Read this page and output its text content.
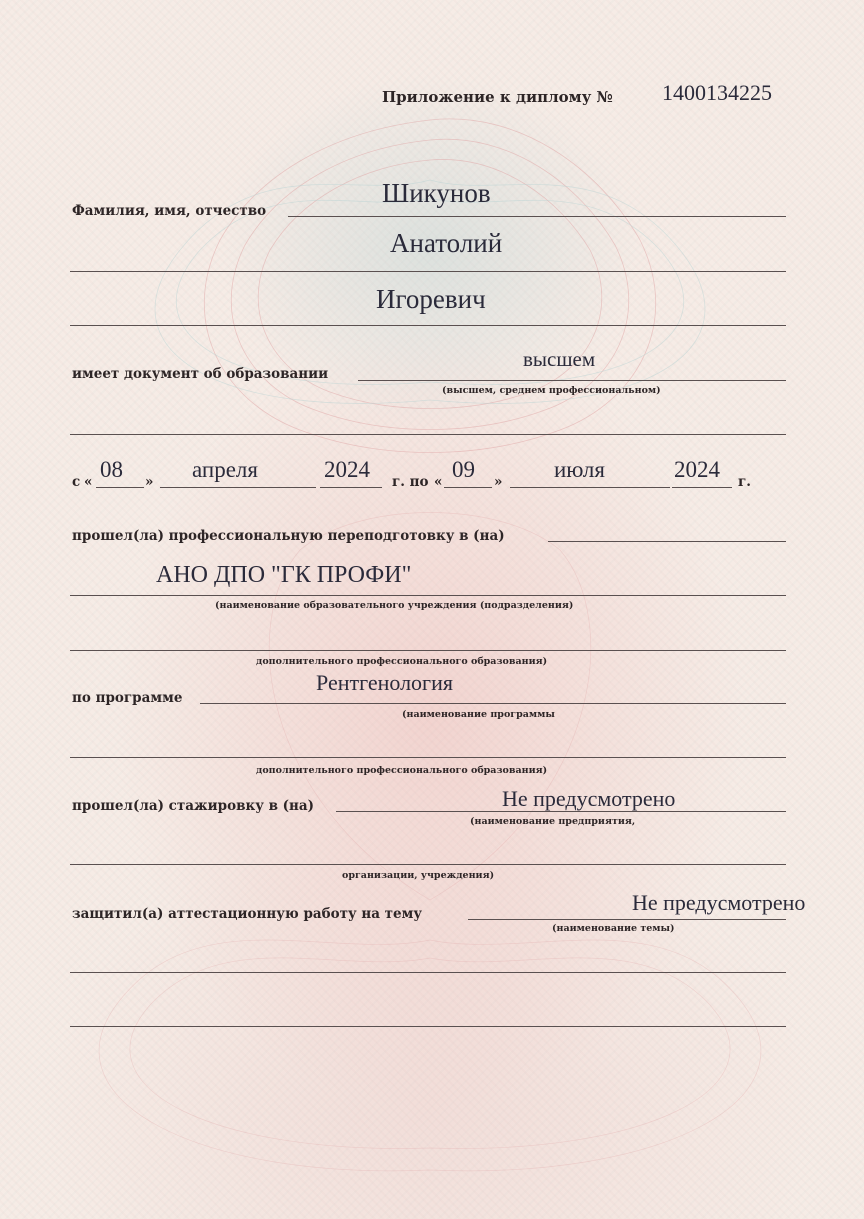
Приложение к диплому № 1400134225
Фамилия, имя, отчество
Шикунов
Анатолий
Игоревич
имеет документ об образовании
высшем
(высшем, среднем профессиональном)
с « 08 » апреля	2024 г. по « 09 » июля	2024 г.
прошел(ла) профессиональную переподготовку в (на)
АНО ДПО "ГК ПРОФИ"
(наименование образовательного учреждения (подразделения)
дополнительного профессионального образования)
по программе
Рентгенология
(наименование программы
дополнительного профессионального образования)
прошел(ла) стажировку в (на)	Не предусмотрено
(наименование предприятия,
организации, учреждения)
защитил(а) аттестационную работу на тему	Не предусмотрено
(наименование темы)
